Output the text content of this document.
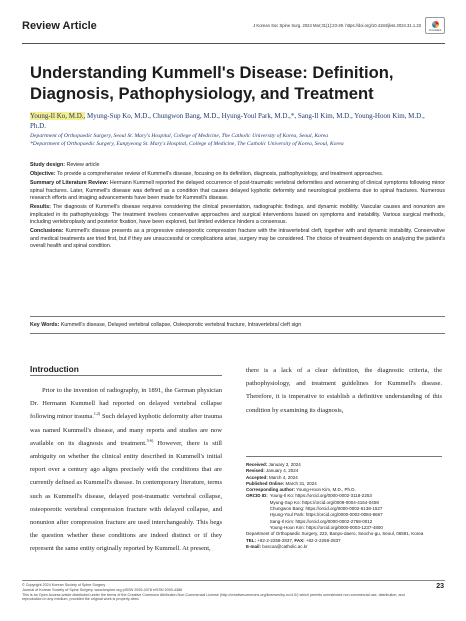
Review Article	J Korean Soc Spine Surg. 2024 Mar;31(1):23-29. https://doi.org/10.4184/jkss.2024.31.1.23
CrossMark
Understanding Kummell's Disease: Definition, Diagnosis, Pathophysiology, and Treatment
Young-Il Ko, M.D., Myung-Sup Ko, M.D., Chungwon Bang, M.D., Hyung-Youl Park, M.D.,*, Sang-Il Kim, M.D., Young-Hoon Kim, M.D., Ph.D.
Department of Orthopaedic Surgery, Seoul St. Mary's Hospital, College of Medicine, The Catholic University of Korea, Seoul, Korea
*Department of Orthopaedic Surgery, Eunpyeong St. Mary's Hospital, College of Medicine, The Catholic University of Korea, Seoul, Korea

Study design: Review article

Objective: To provide a comprehensive review of Kummell's disease, focusing on its definition, diagnosis, pathophysiology, and treatment approaches.

Summary of Literature Review: Hermann Kummell reported the delayed occurrence of post-traumatic vertebral deformities and worsening of clinical symptoms following minor spinal fractures. Later, Kummell's disease was defined as a condition that causes delayed kyphotic deformity and neurological problems due to spinal fractures. Numerous research efforts and imaging advancements have been made for Kummell's disease.

Results: The diagnosis of Kummell's disease requires considering the clinical presentation, radiographic findings, and dynamic mobility. Vascular causes and nonunion are implicated in its pathophysiology. The treatment involves conservative approaches and surgical interventions based on symptoms and instability. Various surgical methods, including vertebroplasty and posterior fixation, have been explored, but limited evidence hinders a consensus.

Conclusions: Kummell's disease presents as a progressive osteoporotic compression fracture with the intravertebral cleft, together with and dynamic instability. Conservative and medical treatments are tried first, but if they are unsuccessful or complications arise, surgery may be considered. The choice of treatment depends on analyzing the patient's overall health and spinal condition.

Key Words: Kummell's disease, Delayed vertebral collapse, Osteoporotic vertebral fracture, Intravertebral cleft sign
Introduction
Prior to the invention of radiography, in 1891, the German physician Dr. Hermann Kummell had reported on delayed vertebral collapse following minor trauma.$^{1,2)}$ Such delayed kyphotic deformity after trauma was named Kummell's disease, and many reports and studies are now available on its diagnosis and treatment.$^{3-6)}$ However, there is still ambiguity on whether the clinical entity described in Kummell's initial report over a century ago aligns precisely with the conditions that are currently defined as Kummell's disease. In contemporary literature, terms such as Kummell's disease, delayed post-traumatic vertebral collapse, osteoporotic vertebral compression fracture with delayed collapse, and nonunion after compression fracture are used interchangeably. This begs the question whether these conditions are indeed distinct or if they represent the same entity originally reported by Kummell. At present,
there is a lack of a clear definition, the diagnostic criteria, the pathophysiology, and treatment guidelines for Kummell's disease. Therefore, it is imperative to establish a definitive understanding of this condition by examining its diagnosis,
Received: January 3, 2024
Revised: January 4, 2024
Accepted: March 4, 2024
Published Online: March 31, 2024
Corresponding author: Young-Hoon Kim, M.D., Ph.D.
ORCID ID: Young-Il Ko: https://orcid.org/0000-0002-3118-2253
Myung-Sup Ko: https://orcid.org/0009-0004-4164-0458
Chungwon Bang: https://orcid.org/0000-0002-6138-1527
Hyung-Youl Park: https://orcid.org/0000-0002-0084-8667
Sang-Il Kim: https://orcid.org/0000-0002-2758-0012
Young-Hoon Kim: https://orcid.org/0000-0003-1237-4800
Department of Orthopaedic Surgery, 222, Banpo-daero, Seocho-gu, Seoul, 06591, Korea
TEL: +82-2-2258-2837, FAX: +82-2-2258-2837
E-mail: boscoa@catholic.ac.kr
© Copyright 2024 Korean Society of Spine Surgery
Journal of Korean Society of Spine Surgery. www.krspine.org pISSN 2093-4378 eISSN 2093-4386
This is an Open Access article distributed under the terms of the Creative Commons Attribution Non-Commercial License (http://creativecommons.org/licenses/by-nc/4.0/) which permits unrestricted non-commercial use, distribution, and reproduction in any medium, provided the original work is properly cited.
23
